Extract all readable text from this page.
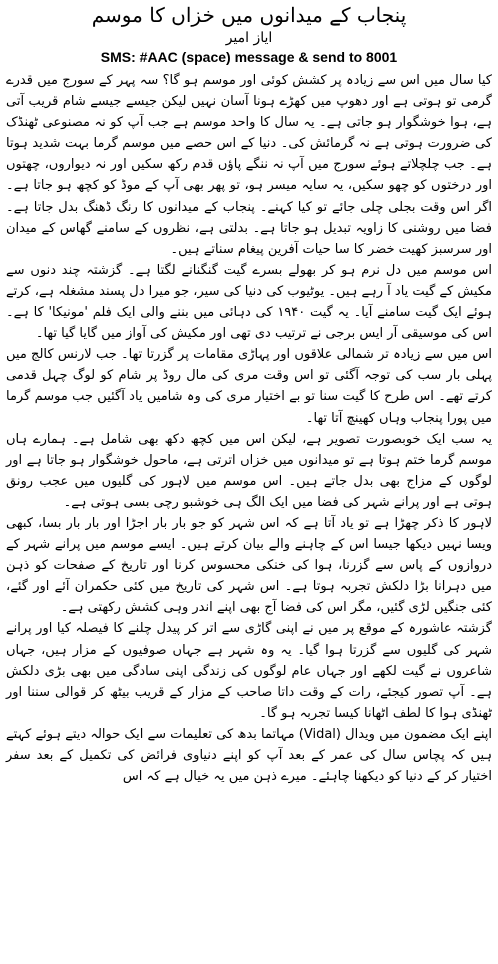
پنجاب کے میدانوں میں خزاں کا موسم
ایاز امیر
SMS: #AAC (space) message & send to 8001

کیا سال میں اس سے زیادہ پر کشش کوئی اور موسم ہو گا؟ سہ پہر کے سورج میں قدرے گرمی تو ہوتی ہے اور دھوپ میں کھڑے ہونا آسان نہیں لیکن جیسے جیسے شام قریب آتی ہے، ہوا خوشگوار ہو جاتی ہے۔ یہ سال کا واحد موسم ہے جب آپ کو نہ مصنوعی ٹھنڈک کی ضرورت ہوتی ہے نہ گرمائش کی۔ دنیا کے اس حصے میں موسم گرما بہت شدید ہوتا ہے۔ جب چلچلاتے ہوئے سورج میں آپ نہ ننگے پاؤں قدم رکھ سکیں اور نہ دیواروں، چھتوں اور درختوں کو چھو سکیں، یہ سایہ میسر ہو، تو پھر بھی آپ کے موڈ کو کچھ ہو جاتا ہے۔ اگر اس وقت بجلی چلی جائے تو کیا کہنے۔ پنجاب کے میدانوں کا رنگ ڈھنگ بدل جاتا ہے۔ فضا میں روشنی کا زاویہ تبدیل ہو جاتا ہے۔ بدلتی ہے، نظروں کے سامنے گھاس کے میدان اور سرسبز کھیت خضر کا سا حیات آفرین پیغام سناتے ہیں۔

اس موسم میں دل نرم ہو کر بھولے بسرے گیت گنگنانے لگتا ہے۔ گزشتہ چند دنوں سے مکیش کے گیت یاد آ رہے ہیں۔ یوٹیوب کی دنیا کی سیر، جو میرا دل پسند مشغلہ ہے، کرتے ہوئے ایک گیت سامنے آیا۔ یہ گیت ۱۹۴۰ کی دہائی میں بننے والی ایک فلم 'مونیکا' کا ہے۔ اس کی موسیقی آر ایس برجی نے ترتیب دی تھی اور مکیش کی آواز میں گایا گیا تھا۔

اس میں سے زیادہ تر شمالی علاقوں اور پہاڑی مقامات پر گزرتا تھا۔ جب لارنس کالج میں پہلی بار سب کی توجہ آگئی تو اس وقت مری کی مال روڈ پر شام کو لوگ چہل قدمی کرتے تھے۔ اس طرح کا گیت سنا تو بے اختیار مری کی وہ شامیں یاد آگئیں جب موسم گرما میں پورا پنجاب وہاں کھینچ آتا تھا۔

یہ سب ایک خوبصورت تصویر ہے، لیکن اس میں کچھ دکھ بھی شامل ہے۔ ہمارے ہاں موسم گرما ختم ہوتا ہے تو میدانوں میں خزاں اترتی ہے، ماحول خوشگوار ہو جاتا ہے اور لوگوں کے مزاج بھی بدل جاتے ہیں۔ اس موسم میں لاہور کی گلیوں میں عجب رونق ہوتی ہے اور پرانے شہر کی فضا میں ایک الگ ہی خوشبو رچی بسی ہوتی ہے۔

لاہور کا ذکر چھڑا ہے تو یاد آتا ہے کہ اس شہر کو جو بار بار اجڑا اور بار بار بسا، کبھی ویسا نہیں دیکھا جیسا اس کے چاہنے والے بیان کرتے ہیں۔ ایسے موسم میں پرانے شہر کے دروازوں کے پاس سے گزرنا، ہوا کی خنکی محسوس کرنا اور تاریخ کے صفحات کو ذہن میں دہرانا بڑا دلکش تجربہ ہوتا ہے۔ اس شہر کی تاریخ میں کئی حکمران آئے اور گئے، کئی جنگیں لڑی گئیں، مگر اس کی فضا آج بھی اپنے اندر وہی کشش رکھتی ہے۔

گزشتہ عاشورہ کے موقع پر میں نے اپنی گاڑی سے اتر کر پیدل چلنے کا فیصلہ کیا اور پرانے شہر کی گلیوں سے گزرتا ہوا گیا۔ یہ وہ شہر ہے جہاں صوفیوں کے مزار ہیں، جہاں شاعروں نے گیت لکھے اور جہاں عام لوگوں کی زندگی اپنی سادگی میں بھی بڑی دلکش ہے۔ آپ تصور کیجئے، رات کے وقت داتا صاحب کے مزار کے قریب بیٹھ کر قوالی سننا اور ٹھنڈی ہوا کا لطف اٹھانا کیسا تجربہ ہو گا۔

اپنے ایک مضمون میں ویدال (Vidal) مہاتما بدھ کی تعلیمات سے ایک حوالہ دیتے ہوئے کہتے ہیں کہ پچاس سال کی عمر کے بعد آپ کو اپنے دنیاوی فرائض کی تکمیل کے بعد سفر اختیار کر کے دنیا کو دیکھنا چاہئے۔ میرے ذہن میں یہ خیال ہے کہ اس
